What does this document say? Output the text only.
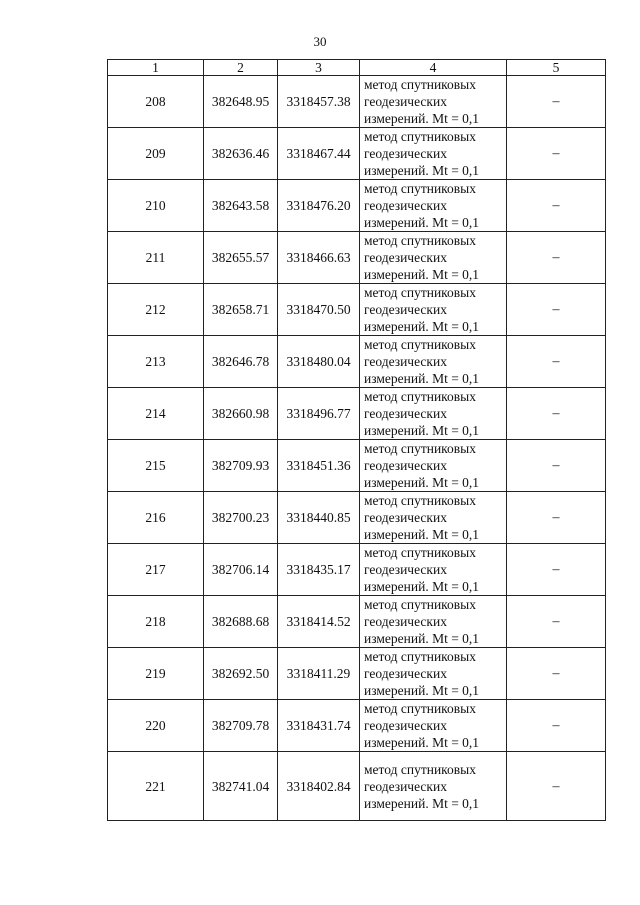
30
1	2	3	4	5
208	382648.95	3318457.38	метод спутниковых
геодезических
измерений. Mt = 0,1	–
209	382636.46	3318467.44	метод спутниковых
геодезических
измерений. Mt = 0,1	–
210	382643.58	3318476.20	метод спутниковых
геодезических
измерений. Mt = 0,1	–
211	382655.57	3318466.63	метод спутниковых
геодезических
измерений. Mt = 0,1	–
212	382658.71	3318470.50	метод спутниковых
геодезических
измерений. Mt = 0,1	–
213	382646.78	3318480.04	метод спутниковых
геодезических
измерений. Mt = 0,1	–
214	382660.98	3318496.77	метод спутниковых
геодезических
измерений. Mt = 0,1	–
215	382709.93	3318451.36	метод спутниковых
геодезических
измерений. Mt = 0,1	–
216	382700.23	3318440.85	метод спутниковых
геодезических
измерений. Mt = 0,1	–
217	382706.14	3318435.17	метод спутниковых
геодезических
измерений. Mt = 0,1	–
218	382688.68	3318414.52	метод спутниковых
геодезических
измерений. Mt = 0,1	–
219	382692.50	3318411.29	метод спутниковых
геодезических
измерений. Mt = 0,1	–
220	382709.78	3318431.74	метод спутниковых
геодезических
измерений. Mt = 0,1	–
221	382741.04	3318402.84	метод спутниковых
геодезических
измерений. Mt = 0,1	–
